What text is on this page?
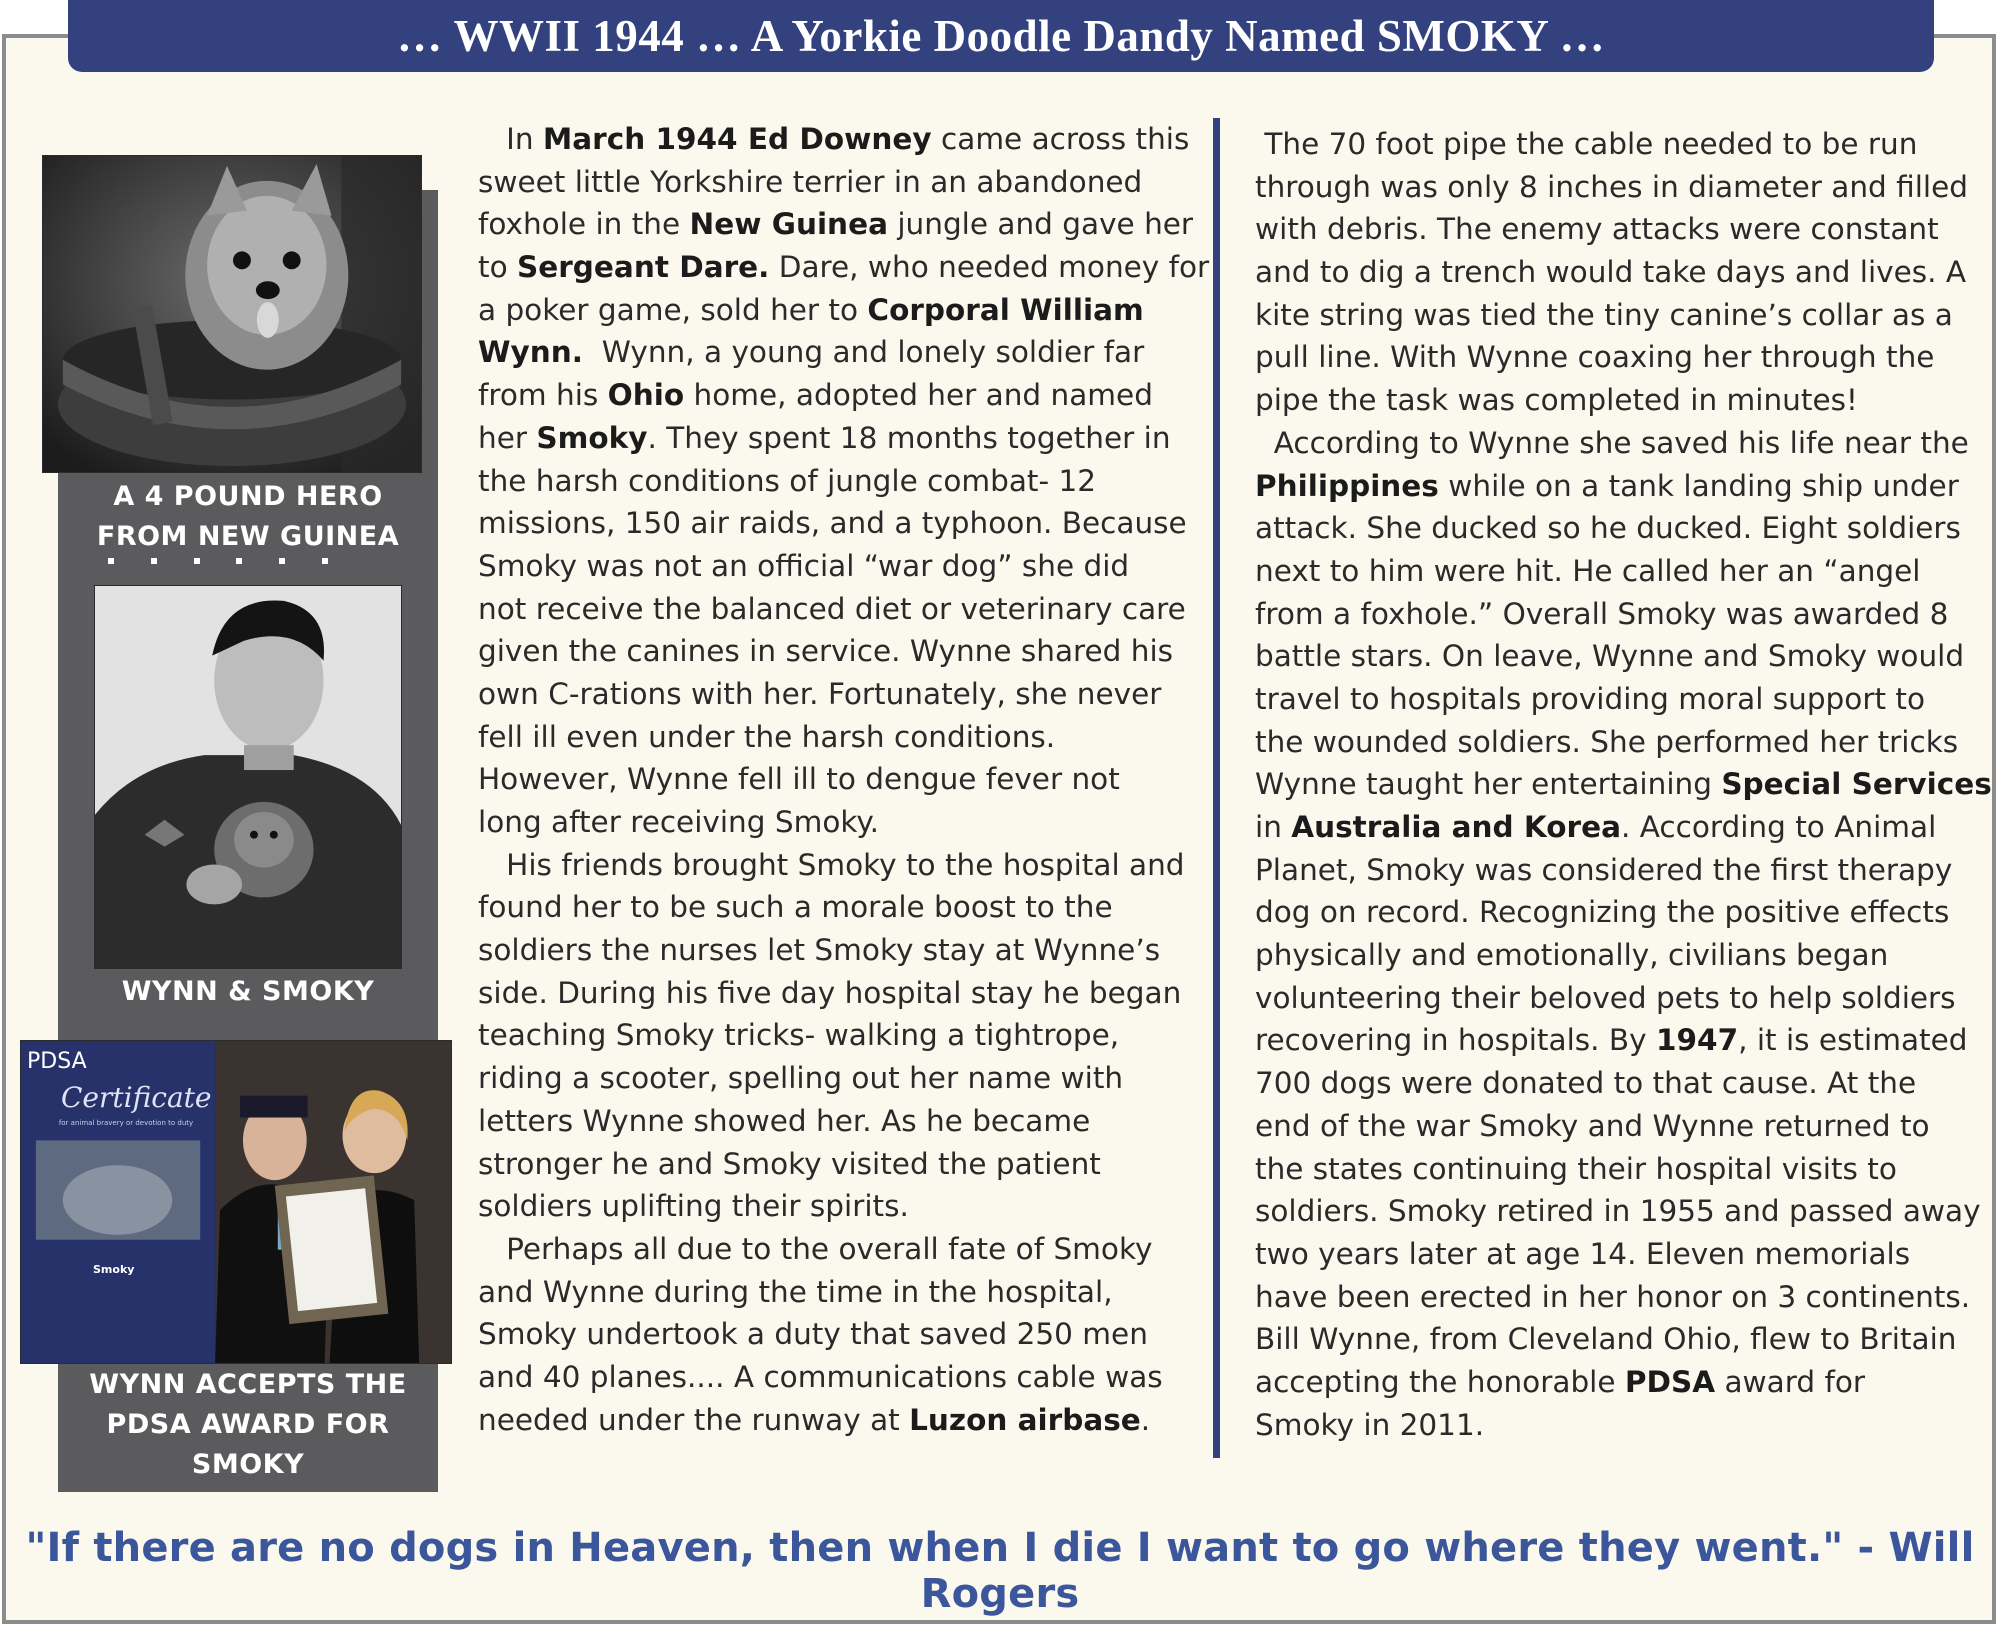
… WWII 1944 … A Yorkie Doodle Dandy Named SMOKY …
A 4 POUND HERO
FROM NEW GUINEA
WYNN & SMOKY
PDSA
Certificate
for animal bravery or devotion to duty
Smoky
WYNN ACCEPTS THE
PDSA AWARD FOR
SMOKY
In March 1944 Ed Downey came across this
sweet little Yorkshire terrier in an abandoned
foxhole in the New Guinea jungle and gave her
to Sergeant Dare. Dare, who needed money for
a poker game, sold her to Corporal William
Wynn.  Wynn, a young and lonely soldier far
from his Ohio home, adopted her and named
her Smoky. They spent 18 months together in
the harsh conditions of jungle combat- 12
missions, 150 air raids, and a typhoon. Because
Smoky was not an official “war dog” she did
not receive the balanced diet or veterinary care
given the canines in service. Wynne shared his
own C-rations with her. Fortunately, she never
fell ill even under the harsh conditions.
However, Wynne fell ill to dengue fever not
long after receiving Smoky.
His friends brought Smoky to the hospital and
found her to be such a morale boost to the
soldiers the nurses let Smoky stay at Wynne’s
side. During his five day hospital stay he began
teaching Smoky tricks- walking a tightrope,
riding a scooter, spelling out her name with
letters Wynne showed her. As he became
stronger he and Smoky visited the patient
soldiers uplifting their spirits.
Perhaps all due to the overall fate of Smoky
and Wynne during the time in the hospital,
Smoky undertook a duty that saved 250 men
and 40 planes.... A communications cable was
needed under the runway at Luzon airbase.
The 70 foot pipe the cable needed to be run
through was only 8 inches in diameter and filled
with debris. The enemy attacks were constant
and to dig a trench would take days and lives. A
kite string was tied the tiny canine’s collar as a
pull line. With Wynne coaxing her through the
pipe the task was completed in minutes!
According to Wynne she saved his life near the
Philippines while on a tank landing ship under
attack. She ducked so he ducked. Eight soldiers
next to him were hit. He called her an “angel
from a foxhole.” Overall Smoky was awarded 8
battle stars. On leave, Wynne and Smoky would
travel to hospitals providing moral support to
the wounded soldiers. She performed her tricks
Wynne taught her entertaining Special Services
in Australia and Korea. According to Animal
Planet, Smoky was considered the first therapy
dog on record. Recognizing the positive effects
physically and emotionally, civilians began
volunteering their beloved pets to help soldiers
recovering in hospitals. By 1947, it is estimated
700 dogs were donated to that cause. At the
end of the war Smoky and Wynne returned to
the states continuing their hospital visits to
soldiers. Smoky retired in 1955 and passed away
two years later at age 14. Eleven memorials
have been erected in her honor on 3 continents.
Bill Wynne, from Cleveland Ohio, flew to Britain
accepting the honorable PDSA award for
Smoky in 2011.
"If there are no dogs in Heaven, then when I die I want to go where they went." - Will Rogers
